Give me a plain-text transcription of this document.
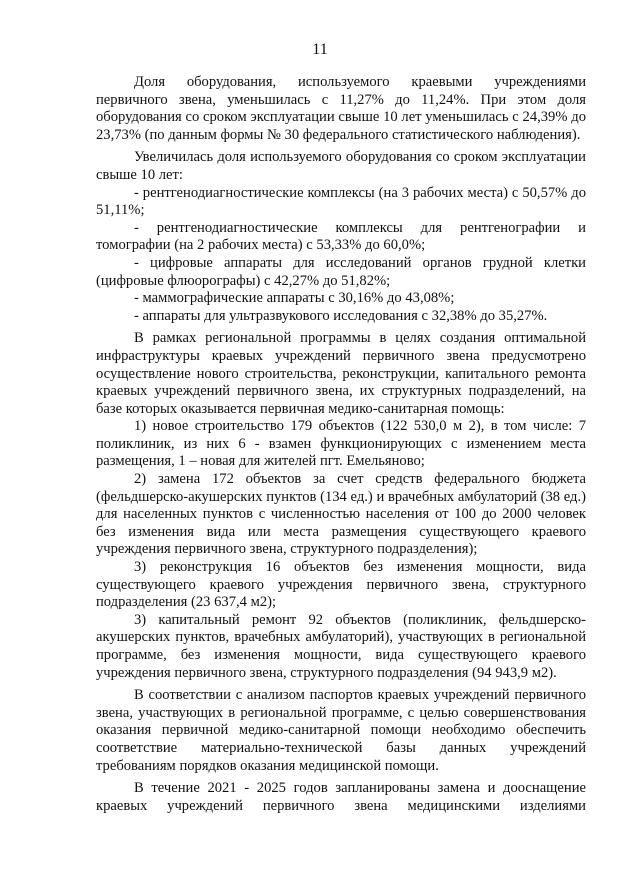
11

Доля оборудования, используемого краевыми учреждениями первичного звена, уменьшилась с 11,27% до 11,24%. При этом доля оборудования со сроком эксплуатации свыше 10 лет уменьшилась с 24,39% до 23,73% (по данным формы № 30 федерального статистического наблюдения).

Увеличилась доля используемого оборудования со сроком эксплуатации свыше 10 лет:

- рентгенодиагностические комплексы (на 3 рабочих места) с 50,57% до 51,11%;

- рентгенодиагностические комплексы для рентгенографии и томографии (на 2 рабочих места) с 53,33% до 60,0%;

- цифровые аппараты для исследований органов грудной клетки (цифровые флюорографы) с 42,27% до 51,82%;

- маммографические аппараты с 30,16% до 43,08%;

- аппараты для ультразвукового исследования с 32,38% до 35,27%.

В рамках региональной программы в целях создания оптимальной инфраструктуры краевых учреждений первичного звена предусмотрено осуществление нового строительства, реконструкции, капитального ремонта краевых учреждений первичного звена, их структурных подразделений, на базе которых оказывается первичная медико-санитарная помощь:

1) новое строительство 179 объектов (122 530,0 м 2), в том числе: 7 поликлиник, из них 6 - взамен функционирующих с изменением места размещения, 1 – новая для жителей пгт. Емельяново;

2) замена 172 объектов за счет средств федерального бюджета (фельдшерско-акушерских пунктов (134 ед.) и врачебных амбулаторий (38 ед.) для населенных пунктов с численностью населения от 100 до 2000 человек без изменения вида или места размещения существующего краевого учреждения первичного звена, структурного подразделения);

3) реконструкция 16 объектов без изменения мощности, вида существующего краевого учреждения первичного звена, структурного подразделения (23 637,4 м2);

3) капитальный ремонт 92 объектов (поликлиник, фельдшерско-акушерских пунктов, врачебных амбулаторий), участвующих в региональной программе, без изменения мощности, вида существующего краевого учреждения первичного звена, структурного подразделения (94 943,9 м2).

В соответствии с анализом паспортов краевых учреждений первичного звена, участвующих в региональной программе, с целью совершенствования оказания первичной медико-санитарной помощи необходимо обеспечить соответствие материально-технической базы данных учреждений требованиям порядков оказания медицинской помощи.

В течение 2021 - 2025 годов запланированы замена и дооснащение краевых учреждений первичного звена медицинскими изделиями
